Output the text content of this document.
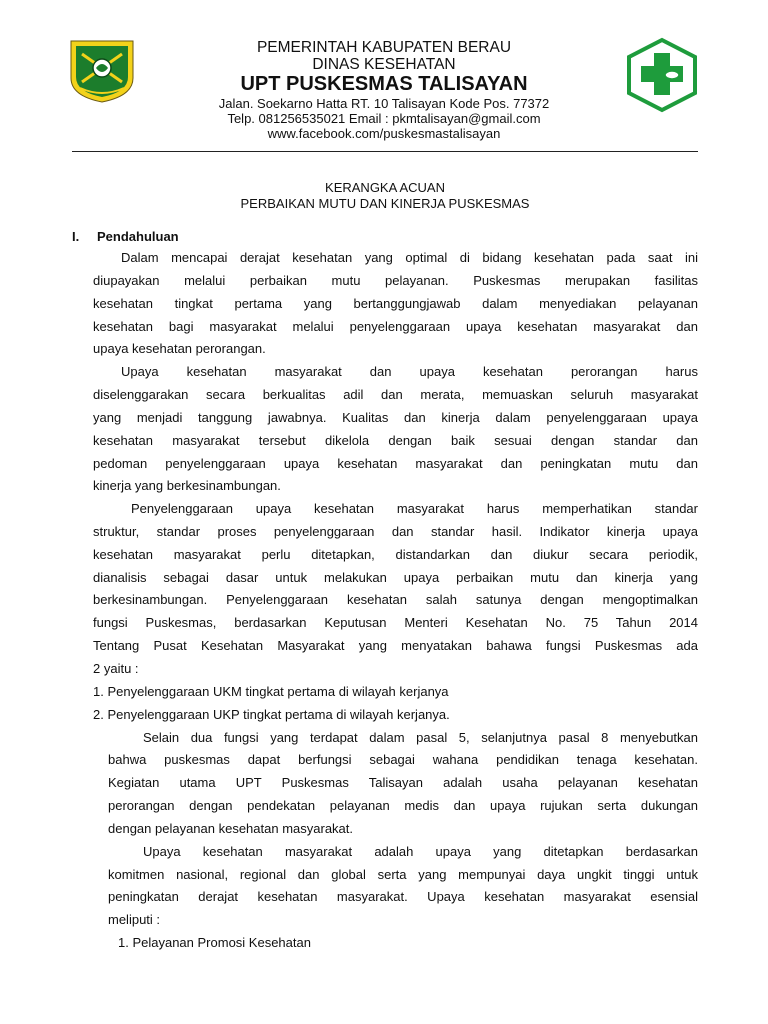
PEMERINTAH KABUPATEN BERAU
DINAS KESEHATAN
UPT PUSKESMAS TALISAYAN
Jalan. Soekarno Hatta RT. 10 Talisayan Kode Pos. 77372
Telp. 081256535021 Email : pkmtalisayan@gmail.com
www.facebook.com/puskesmastalisayan
KERANGKA ACUAN
PERBAIKAN MUTU DAN KINERJA PUSKESMAS
I. Pendahuluan
Dalam mencapai derajat kesehatan yang optimal di bidang kesehatan pada saat ini
diupayakan melalui perbaikan mutu pelayanan. Puskesmas merupakan fasilitas
kesehatan tingkat pertama yang bertanggungjawab dalam menyediakan pelayanan
kesehatan bagi masyarakat melalui penyelenggaraan upaya kesehatan masyarakat dan
upaya kesehatan perorangan.
Upaya kesehatan masyarakat dan upaya kesehatan perorangan harus
diselenggarakan secara berkualitas adil dan merata, memuaskan seluruh masyarakat
yang menjadi tanggung jawabnya. Kualitas dan kinerja dalam penyelenggaraan upaya
kesehatan masyarakat tersebut dikelola dengan baik sesuai dengan standar dan
pedoman penyelenggaraan upaya kesehatan masyarakat dan peningkatan mutu dan
kinerja yang berkesinambungan.
Penyelenggaraan upaya kesehatan masyarakat harus memperhatikan standar
struktur, standar proses penyelenggaraan dan standar hasil. Indikator kinerja upaya
kesehatan masyarakat perlu ditetapkan, distandarkan dan diukur secara periodik,
dianalisis sebagai dasar untuk melakukan upaya perbaikan mutu dan kinerja yang
berkesinambungan. Penyelenggaraan kesehatan salah satunya dengan mengoptimalkan
fungsi Puskesmas, berdasarkan Keputusan Menteri Kesehatan No. 75 Tahun 2014
Tentang Pusat Kesehatan Masyarakat yang menyatakan bahawa fungsi Puskesmas ada
2 yaitu :
1. Penyelenggaraan UKM tingkat pertama di wilayah kerjanya
2. Penyelenggaraan UKP tingkat pertama di wilayah kerjanya.
Selain dua fungsi yang terdapat dalam pasal 5, selanjutnya pasal 8 menyebutkan
bahwa puskesmas dapat berfungsi sebagai wahana pendidikan tenaga kesehatan.
Kegiatan utama UPT Puskesmas Talisayan adalah usaha pelayanan kesehatan
perorangan dengan pendekatan pelayanan medis dan upaya rujukan serta dukungan
dengan pelayanan kesehatan masyarakat.
Upaya kesehatan masyarakat adalah upaya yang ditetapkan berdasarkan
komitmen nasional, regional dan global serta yang mempunyai daya ungkit tinggi untuk
peningkatan derajat kesehatan masyarakat. Upaya kesehatan masyarakat esensial
meliputi :
1. Pelayanan Promosi Kesehatan
